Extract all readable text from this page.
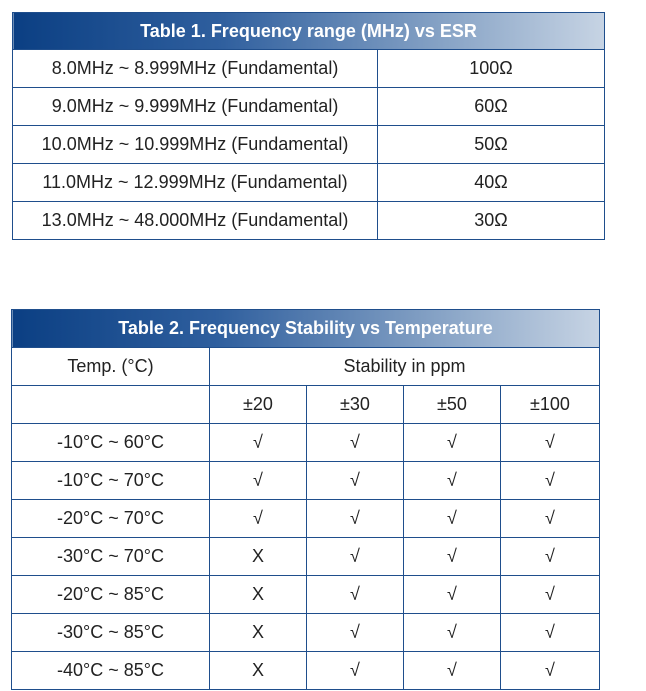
Table 1. Frequency range (MHz) vs ESR	
8.0MHz ~ 8.999MHz (Fundamental)	100Ω
9.0MHz ~ 9.999MHz (Fundamental)	60Ω
10.0MHz ~ 10.999MHz (Fundamental)	50Ω
11.0MHz ~ 12.999MHz (Fundamental)	40Ω
13.0MHz ~ 48.000MHz (Fundamental)	30Ω
Table 2. Frequency Stability vs Temperature				
Temp. (°C)	Stability in ppm			
	±20	±30	±50	±100
-10°C ~ 60°C	√	√	√	√
-10°C ~ 70°C	√	√	√	√
-20°C ~ 70°C	√	√	√	√
-30°C ~ 70°C	X	√	√	√
-20°C ~ 85°C	X	√	√	√
-30°C ~ 85°C	X	√	√	√
-40°C ~ 85°C	X	√	√	√
